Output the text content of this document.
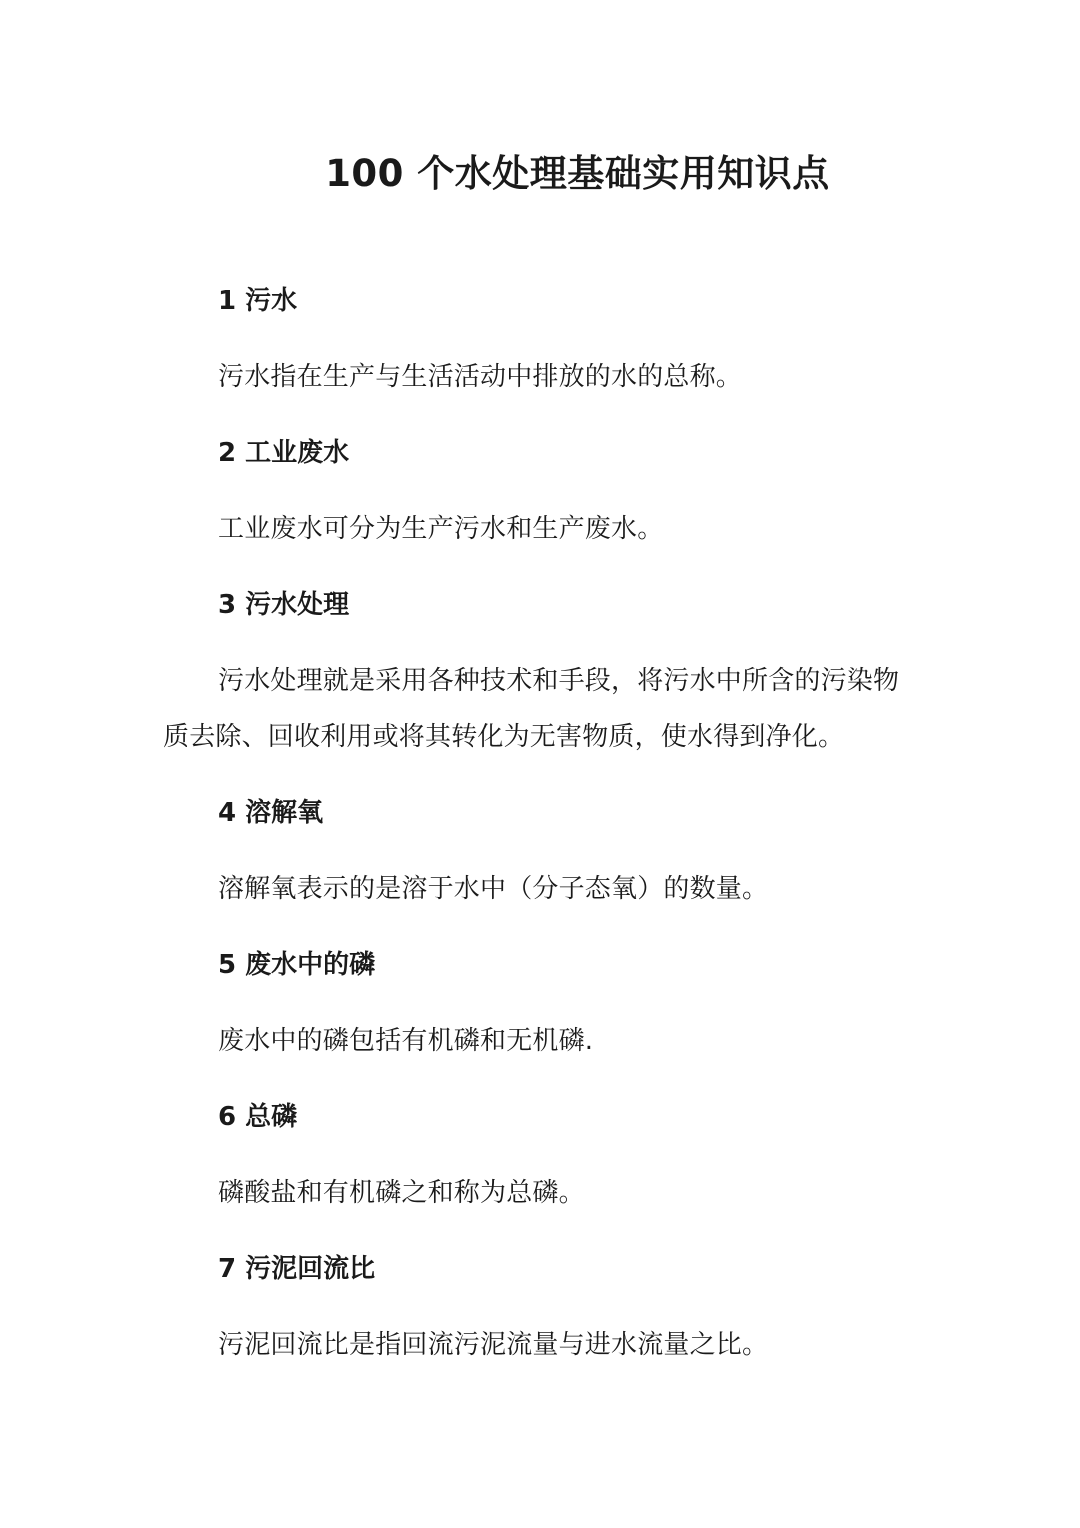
100 个水处理基础实用知识点
1 污水

污水指在生产与生活活动中排放的水的总称。

2 工业废水

工业废水可分为生产污水和生产废水。

3 污水处理

污水处理就是采用各种技术和手段，将污水中所含的污染物质去除、回收利用或将其转化为无害物质，使水得到净化。

4 溶解氧

溶解氧表示的是溶于水中（分子态氧）的数量。

5 废水中的磷

废水中的磷包括有机磷和无机磷.

6 总磷

磷酸盐和有机磷之和称为总磷。

7 污泥回流比

污泥回流比是指回流污泥流量与进水流量之比。
